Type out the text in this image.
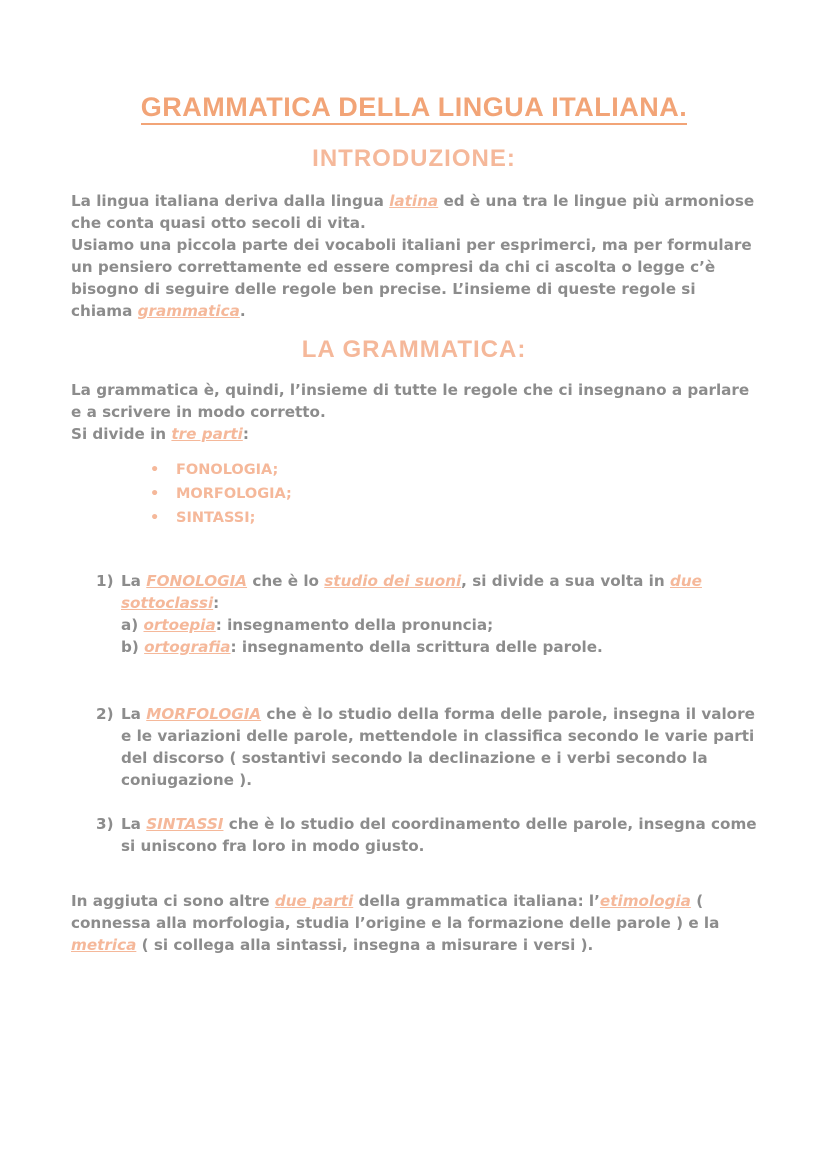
GRAMMATICA DELLA LINGUA ITALIANA.
INTRODUZIONE:

La lingua italiana deriva dalla lingua latina ed è una tra le lingue più armoniose

che conta quasi otto secoli di vita.

Usiamo una piccola parte dei vocaboli italiani per esprimerci, ma per formulare

un pensiero correttamente ed essere compresi da chi ci ascolta o legge c’è

bisogno di seguire delle regole ben precise. L’insieme di queste regole si

chiama grammatica.

LA GRAMMATICA:

La grammatica è, quindi, l’insieme di tutte le regole che ci insegnano a parlare

e a scrivere in modo corretto.

Si divide in tre parti:

• FONOLOGIA;
• MORFOLOGIA;
• SINTASSI;
1) La FONOLOGIA che è lo studio dei suoni, si divide a sua volta in due

sottoclassi:

a) ortoepia: insegnamento della pronuncia;

b) ortografia: insegnamento della scrittura delle parole.

2) La MORFOLOGIA che è lo studio della forma delle parole, insegna il valore

e le variazioni delle parole, mettendole in classifica secondo le varie parti

del discorso ( sostantivi secondo la declinazione e i verbi secondo la

coniugazione ).

3) La SINTASSI che è lo studio del coordinamento delle parole, insegna come

si uniscono fra loro in modo giusto.

In aggiuta ci sono altre due parti della grammatica italiana: l’etimologia (

connessa alla morfologia, studia l’origine e la formazione delle parole ) e la

metrica ( si collega alla sintassi, insegna a misurare i versi ).
